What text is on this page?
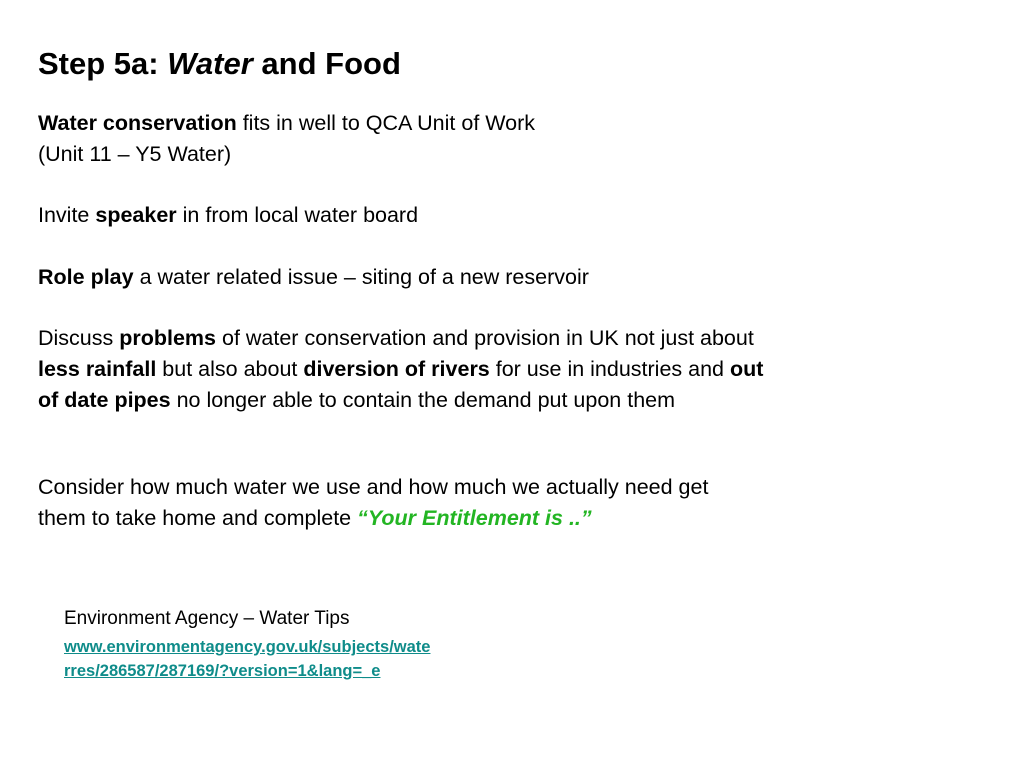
Step 5a: Water and Food
Water conservation fits in well to QCA Unit of Work
(Unit 11 – Y5 Water)
Invite speaker in from local water board
Role play a water related issue – siting of a new reservoir
Discuss problems of water conservation and provision in UK not just about
less rainfall but also about diversion of rivers for use in industries and out
of date pipes no longer able to contain the demand put upon them
Consider how much water we use and how much we actually need get
them to take home and complete “Your Entitlement is ..”
Environment Agency – Water Tips
www.environmentagency.gov.uk/subjects/wate
rres/286587/287169/?version=1&lang=_e
